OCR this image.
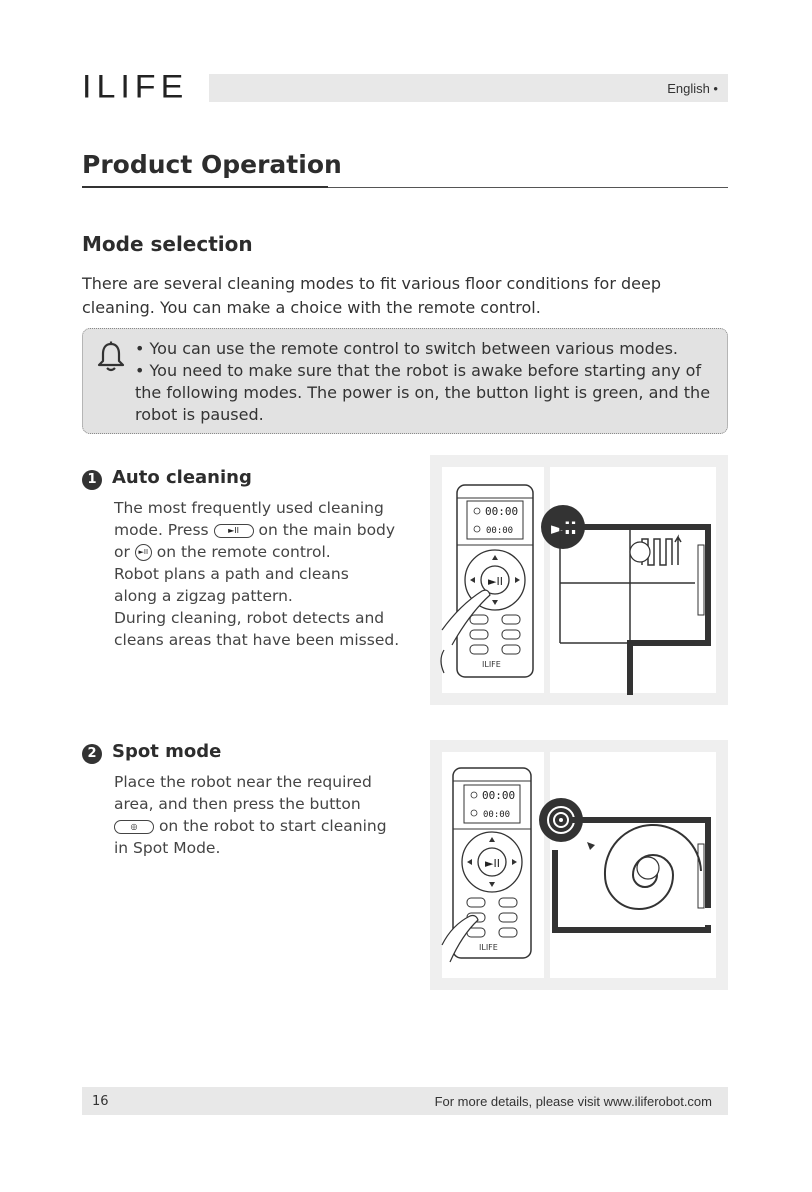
ILIFE	English •
Product Operation
Mode selection
There are several cleaning modes to fit various floor conditions for deep cleaning. You can make a choice with the remote control.
• You can use the remote control to switch between various modes.
• You need to make sure that the robot is awake before starting any of the following modes. The power is on, the button light is green, and the robot is paused.
1 Auto cleaning
The most frequently used cleaning
mode. Press ►II on the main body
or ►II on the remote control.
Robot plans a path and cleans
along a zigzag pattern.
During cleaning, robot detects and
cleans areas that have been missed.
00:00
00:00
►II
ILIFE
►II
2 Spot mode
Place the robot near the required
area, and then press the button
◎ on the robot to start cleaning
in Spot Mode.
00:00
00:00
►II
ILIFE
16	For more details, please visit www.iliferobot.com
